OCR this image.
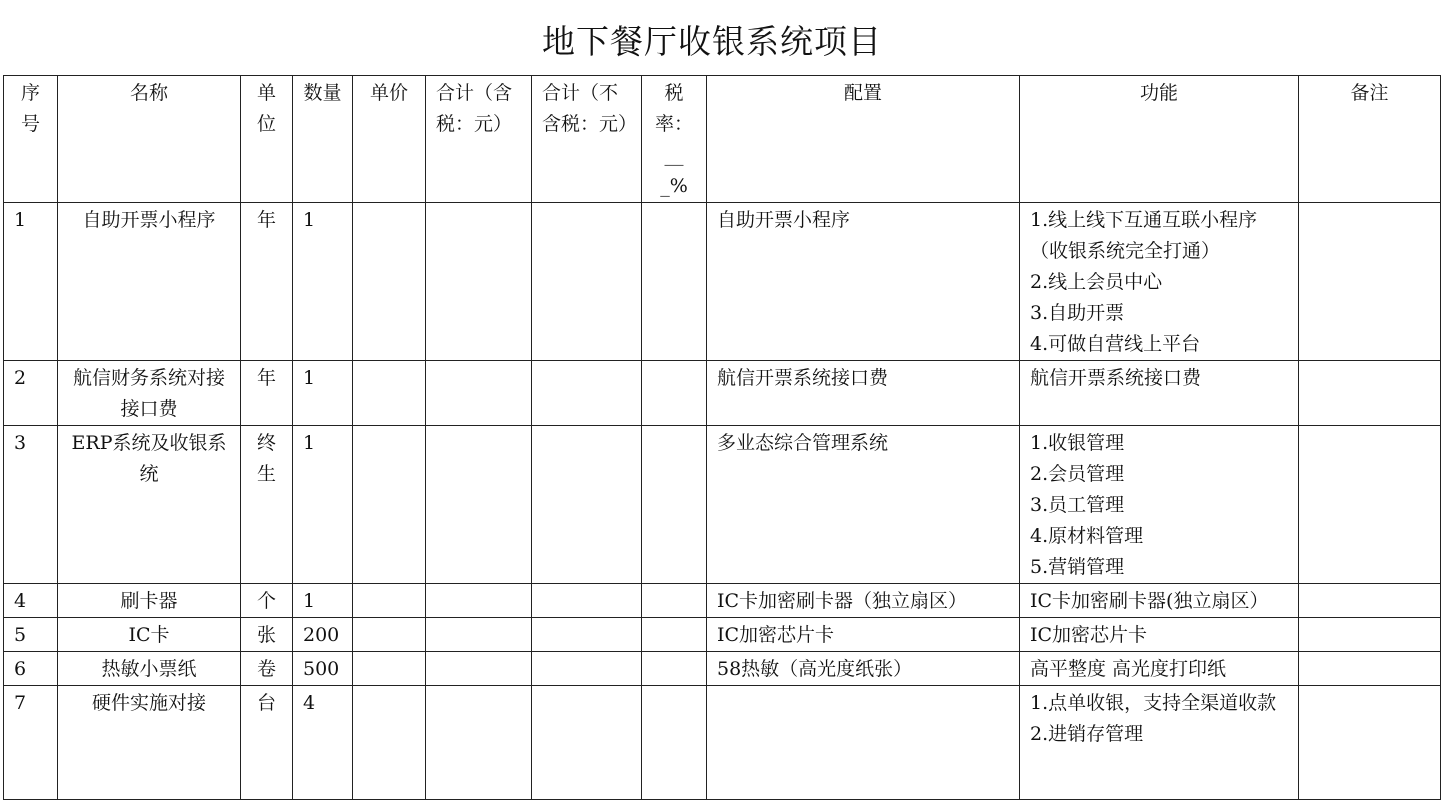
地下餐厅收银系统项目
序号	名称	单位	数量	单价	合计（含税：元）	合计（不含税：元）	税率：___%	配置	功能	备注
1	自助开票小程序	年	1					自助开票小程序	1.线上线下互通互联小程序（收银系统完全打通）
2.线上会员中心
3.自助开票
4.可做自营线上平台	

2	航信财务系统对接接口费	年	1					航信开票系统接口费	航信开票系统接口费	

3	ERP系统及收银系统	终生	1					多业态综合管理系统	1.收银管理
2.会员管理
3.员工管理
4.原材料管理
5.营销管理	

4	刷卡器	个	1					IC卡加密刷卡器（独立扇区）	IC卡加密刷卡器(独立扇区）	

5	IC卡	张	200					IC加密芯片卡	IC加密芯片卡	

6	热敏小票纸	卷	500					58热敏（高光度纸张）	高平整度 高光度打印纸	

7	硬件实施对接	台	4						1.点单收银，支持全渠道收款
2.进销存管理	
